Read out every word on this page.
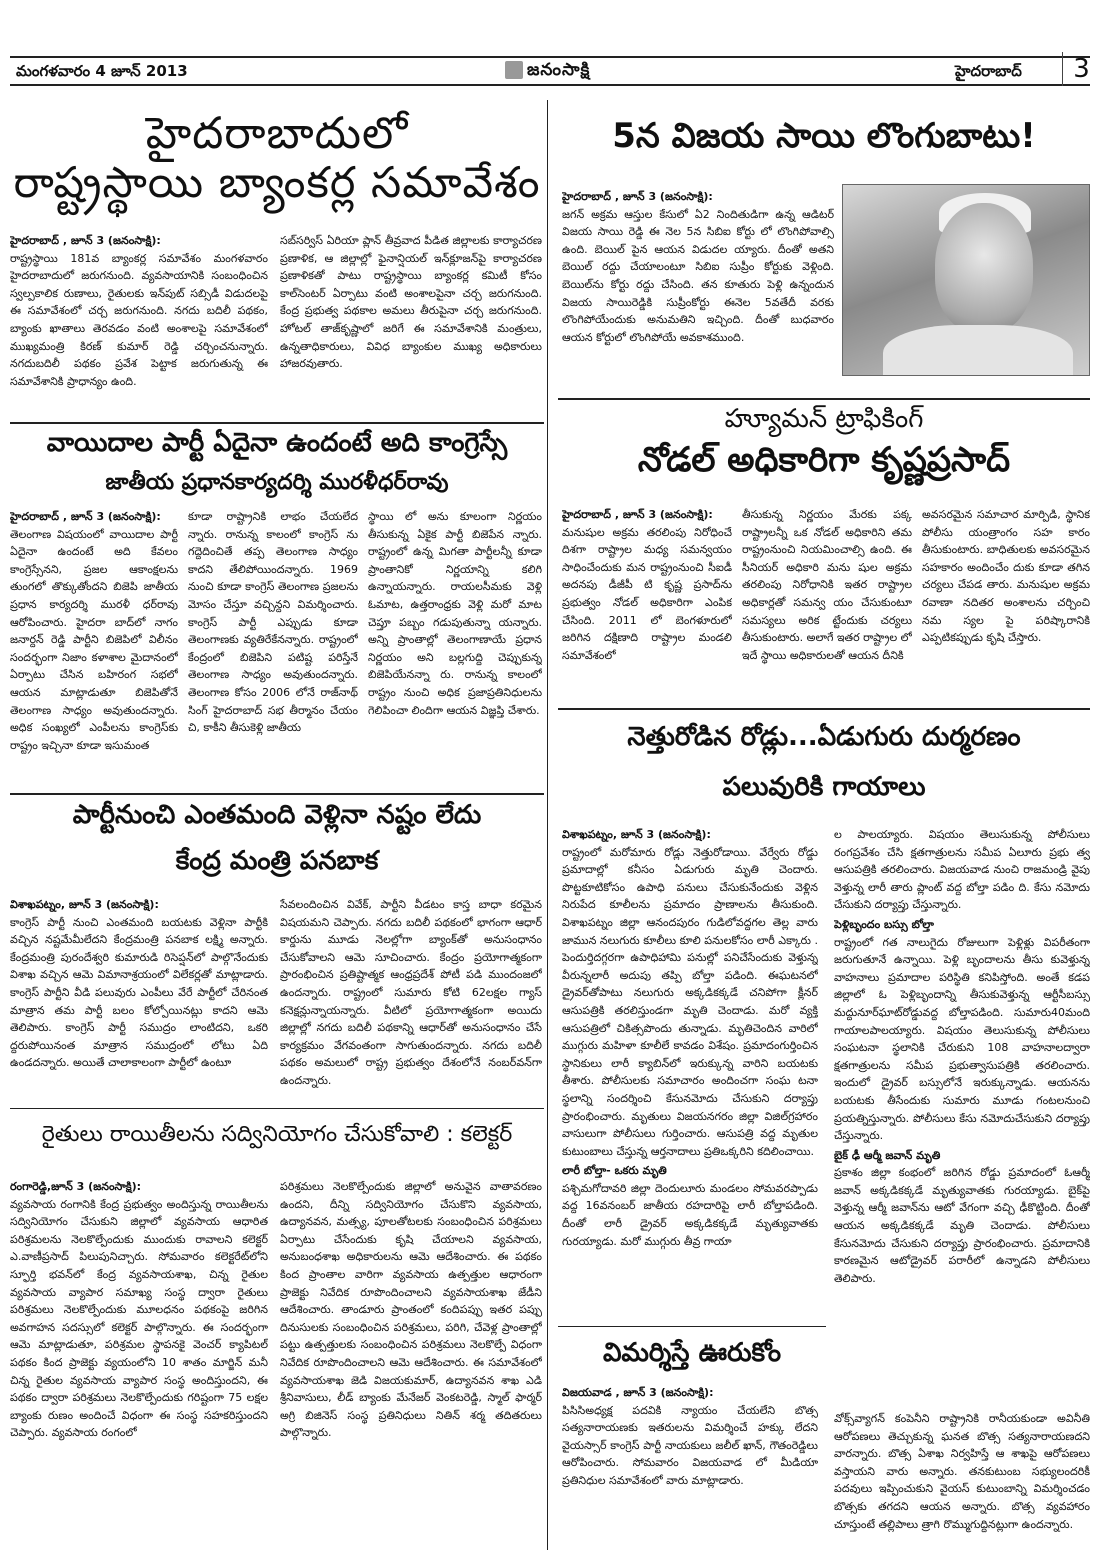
మంగళవారం 4 జూన్ 2013	జనంసాక్షి	హైదరాబాద్	3
హైదరాబాదులో
రాష్ట్రస్థాయి బ్యాంకర్ల సమావేశం
హైదరాబాద్ , జూన్ 3 (జనంసాక్షి):
రాష్ట్రస్థాయి 181వ బ్యాంకర్ల సమావేశం మంగళవారం హైదరాబాదులో జరుగనుంది. వ్యవసాయానికి సంబంధించిన స్వల్పకాలిక రుణాలు, రైతులకు ఇన్‌పుట్ సబ్సిడీ విడుదలపై ఈ సమావేశంలో చర్చ జరుగనుంది. నగదు బదిలీ పథకం, బ్యాంకు ఖాతాలు తెరవడం వంటి అంశాలపై సమావేశంలో ముఖ్యమంత్రి కిరణ్ కుమార్ రెడ్డి చర్చించనున్నారు. నగదుబదిలీ పథకం ప్రవేశ పెట్టాక జరుగుతున్న ఈ సమావేశానికి ప్రాధాన్యం ఉంది.
సబ్‌సర్విస్ ఏరియా ప్లాన్ తీవ్రవాద పీడిత జిల్లాలకు కార్యాచరణ ప్రణాళిక, ఆ జిల్లాల్లో ఫైనాన్షియల్ ఇన్‌క్లూజన్‌పై కార్యాచరణ ప్రణాళికతో పాటు రాష్ట్రస్థాయి బ్యాంకర్ల కమిటీ కోసం కాల్‌సెంటర్ ఏర్పాటు వంటి అంశాలపైనా చర్చ జరుగనుంది. కేంద్ర ప్రభుత్వ పథకాల అమలు తీరుపైనా చర్చ జరుగనుంది. హోటల్ తాజ్‌కృష్ణాలో జరిగే ఈ సమావేశానికి మంత్రులు, ఉన్నతాధికారులు, వివిధ బ్యాంకుల ముఖ్య అధికారులు హాజరవుతారు.
5న విజయ సాయి లొంగుబాటు!
హైదరాబాద్ , జూన్ 3 (జనంసాక్షి):
జగన్ అక్రమ ఆస్తుల కేసులో ఏ2 నిందితుడిగా ఉన్న ఆడిటర్ విజయ సాయి రెడ్డి ఈ నెల 5న సిబిఐ కోర్టు లో లొంగిపోవాల్సి ఉంది. బెయిల్ పైన ఆయన విడుదల య్యారు. దీంతో అతని బెయిల్ రద్దు చేయాలంటూ సిబిఐ సుప్రీం కోర్టుకు వెళ్లింది. బెయిల్‌ను కోర్టు రద్దు చేసింది. తన కూతురు పెళ్లి ఉన్నందున విజయ సాయిరెడ్డికి సుప్రీంకోర్టు ఈనెల 5వతేదీ వరకు లొంగిపోయేందుకు అనుమతిని ఇచ్చింది. దీంతో బుధవారం ఆయన కోర్టులో లొంగిపోయే అవకాశముంది.
వాయిదాల పార్టీ ఏదైనా ఉందంటే అది కాంగ్రెస్సే
జాతీయ ప్రధానకార్యదర్శి మురళీధర్‌రావు
హైదరాబాద్ , జూన్ 3 (జనంసాక్షి):
తెలంగాణ విషయంలో వాయిదాల పార్టీ ఏదైనా ఉందంటే అది కేవలం కాంగ్రెస్సేనని, ప్రజల ఆకాంక్షలను తుంగలో తొక్కుతోందని బిజెపి జాతీయ ప్రధాన కార్యదర్శి మురళీ ధర్‌రావు ఆరోపించారు. హైదరా బాద్‌లో నాగం జనార్దన్ రెడ్డి పార్టీని బిజెపిలో విలీనం సందర్భంగా నిజాం కళాశాల మైదానంలో ఏర్పాటు చేసిన బహిరంగ సభలో ఆయన మాట్లాడుతూ బిజెపితోనే తెలంగాణ సాధ్యం అవుతుందన్నారు. అధిక సంఖ్యలో ఎంపీలను కాంగ్రెస్‌కు రాష్ట్రం ఇచ్చినా కూడా ఇసుమంత
కూడా రాష్ట్రానికి లాభం చేయలేద న్నారు. రానున్న కాలంలో కాంగ్రెస్ ను గద్దెదించితే తప్ప తెలంగాణ సాధ్యం కాదని తేలిపోయిందన్నారు. 1969 నుంచి కూడా కాంగ్రెస్ తెలంగాణ ప్రజలను మోసం చేస్తూ వచ్చిన్దని విమర్శించారు. కాంగ్రెస్ పార్టీ ఎప్పుడు కూడా తెలంగాణకు వ్యతిరేకేనన్నారు. రాష్ట్రంలో కేంద్రంలో బిజెపిని పటిష్ట పరిస్తేనే తెలంగాణ సాధ్యం అవుతుందన్నారు. తెలంగాణ కోసం 2006 లోనే రాజ్‌నాథ్ సింగ్ హైదరాబాద్ సభ తీర్మానం చేయం చి, కాకీని తీసుకెళ్లి జాతీయ
స్థాయి లో అను కూలంగా నిర్ణయం తీసుకున్న ఏకైక పార్టీ బిజెపేన న్నారు. రాష్ట్రంలో ఉన్న మిగతా పార్టీలన్నీ కూడా ప్రాంతానికో నిర్ణయాన్ని కలిగి ఉన్నాయన్నారు. రాయలసీమకు వెళ్లి ఓమాట, ఉత్తరాంధ్రకు వెళ్లి మరో మాట చెప్తూ పబ్బం గడుపుతున్నా యన్నారు. అన్ని ప్రాంతాల్లో తెలంగాణాయే ప్రధాన నిర్ణయం అని బల్లగుద్ది చెప్పుకున్న బిజెపియేనన్నా రు. రానున్న కాలంలో రాష్ట్రం నుంచి అధిక ప్రజాప్రతినిధులను గెలిపించా లిందిగా ఆయన విజ్ఞప్తి చేశారు.
హ్యూమన్ ట్రాఫికింగ్
నోడల్ అధికారిగా కృష్ణప్రసాద్
హైదరాబాద్ , జూన్ 3 (జనంసాక్షి):
మనుషుల అక్రమ తరలింపు నిరోధించే దిశగా రాష్ట్రాల మధ్య సమన్వయం సాధించేందుకు మన రాష్ట్రంనుంచి సీఐడీ అదనపు డీజీపీ టి కృష్ణ ప్రసాద్‌ను ప్రభుత్వం నోడల్ అధికారిగా ఎంపిక చేసింది. 2011 లో బెంగళూరులో జరిగిన దక్షిణాది రాష్ట్రాల మండలి సమావేశంలో
తీసుకున్న నిర్ణయం మేరకు పక్క రాష్ట్రాలన్నీ ఒక నోడల్ అధికారిని తమ రాష్ట్రంనుంచి నియమించాల్సి ఉంది. ఈ సీనియర్ అధికారి మను షుల అక్రమ తరలింపు నిరోధానికి ఇతర రాష్ట్రాల అధికార్లతో సమన్వ యం చేసుకుంటూ సమస్యలు అరిక ట్టేందుకు చర్యలు తీసుకుంటారు. అలాగే ఇతర రాష్ట్రాల లో ఇదే స్థాయి అధికారులతో ఆయన దీనికి
అవసరమైన సమాచార మార్పిడి, స్థానిక పోలీసు యంత్రాంగం సహ కారం తీసుకుంటారు. బాధితులకు అవసరమైన సహకారం అందించేం దుకు కూడా తగిన చర్యలు చేపడ తారు. మనుషుల అక్రమ రవాణా నదితర అంశాలను చర్చించి నమ స్యల పై పరిష్కారానికి ఎప్పటికప్పుడు కృషి చేస్తారు.
పార్టీనుంచి ఎంతమంది వెళ్లినా నష్టం లేదు
కేంద్ర మంత్రి పనబాక
విశాఖపట్నం, జూన్ 3 (జనంసాక్షి):
కాంగ్రెస్ పార్టీ నుంచి ఎంతమంది బయటకు వెళ్లినా పార్టీకి వచ్చిన నష్టమేమీలేదని కేంద్రమంత్రి పనబాక లక్ష్మి అన్నారు. కేంద్రమంత్రి పురందేశ్వరి కుమారుడి రిసెప్షన్‌లో పాల్గొనేందుకు విశాఖ వచ్చిన ఆమె విమానాశ్రయంలో విలేకర్లతో మాట్లాడారు. కాంగ్రెస్ పార్టీని వీడి పలువురు ఎంపీలు వేరే పార్టీలో చేరినంత మాత్రాన తమ పార్టీ బలం కోల్పోయినట్లు కాదని ఆమె తెలిపారు. కాంగ్రెస్ పార్టీ సముద్రం లాంటిదని, ఒకరి ద్దరుపోయినంత మాత్రాన సముద్రంలో లోటు ఏది ఉండదన్నారు. అయితే చాలాకాలంగా పార్టీలో ఉంటూ
సేవలందించిన వివేక్, పార్టీని వీడటం కాస్త బాధా కరమైన విషయమని చెప్పారు. నగదు బదిలీ పథకంలో భాగంగా ఆధార్ కార్డును మూడు నెలల్లోగా బ్యాంక్‌తో అనుసంధానం చేసుకోవాలని ఆమె సూచించారు. కేంద్రం ప్రయోగాత్మకంగా ప్రారంభించిన ప్రతిష్టాత్మక ఆంధ్రప్రదేశ్ పోటీ పడి ముందంజలో ఉందన్నారు. రాష్ట్రంలో సుమారు కోటి 62లక్షల గ్యాస్ కనెక్షన్లున్నాయన్నారు. వీటిలో ప్రయోగాత్మకంగా అయిదు జిల్లాల్లో నగదు బదిలీ పథకాన్ని ఆధార్‌తో అనుసంధానం చేసే కార్యక్రమం వేగవంతంగా సాగుతుందన్నారు. నగదు బదిలీ పథకం అమలులో రాష్ట్ర ప్రభుత్వం దేశంలోనే నంబర్‌వన్‌గా ఉందన్నారు.
నెత్తురోడిన రోడ్లు...ఏడుగురు దుర్మరణం
పలువురికి గాయాలు
విశాఖపట్నం, జూన్ 3 (జనంసాక్షి):
రాష్ట్రంలో మరోమారు రోడ్లు నెత్తురోడాయి. వేర్వేరు రోడ్డు ప్రమాదాల్లో కనీసం ఏడుగురు మృతి చెందారు. పొట్టకూటికోసం ఉపాధి పనులు చేసుకునేందుకు వెళ్లిన నిరుపేద కూలీలను ప్రమాదం ప్రాణాలను తీసుకుంది. విశాఖపట్నం జిల్లా ఆనందపురం గుడిలోవద్దగల తెల్ల వారు జామున నలుగురు కూలీలు కూలి పనులకోసం లారీ ఎక్కారు . పెందుర్తిదగ్గరగా ఉపాధిహామి పనుల్లో పనిచేసేందుకు వెళ్తున్న వీరున్నలారీ అదుపు తప్పి బోల్తా పడింది. ఈఘటనలో డ్రైవర్‌తోపాటు నలుగురు అక్కడికక్కడే చనిపోగా క్లీనర్ ఆసుపత్రికి తరలిస్తుండగా మృతి చెందాడు. మరో వ్యక్తి ఆసుపత్రిలో చికిత్సపొందు తున్నాడు. మృతిచెందిన వారిలో ముగ్గురు మహిళా కూలీలే కావడం విశేషం. ప్రమాదంగుర్తించిన స్థానికులు లారీ క్యాబిన్‌లో ఇరుక్కున్న వారిని బయటకు తీశారు. పోలీసులకు సమాచారం అందించగా సంఘ టనా స్థలాన్ని సందర్శించి కేసునమోదు చేసుకుని దర్యాప్తు ప్రారంభించారు. మృతులు విజయనగరం జిల్లా విజిల్‌గ్రహారం వాసులుగా పోలీసులు గుర్తించారు. ఆసుపత్రి వద్ద మృతుల కుటుంబాలు చేస్తున్న ఆర్తనాదాలు ప్రతిఒక్కరిని కదిలించాయి.
లారీ బోల్తా- ఒకరు మృతి
పశ్చిమగోదావరి జిల్లా దెందులూరు మండలం సోమవరప్పాడు వద్ద 16వనంబర్ జాతీయ రహదారిపై లారీ బోల్తాపడింది. దీంతో లారీ డ్రైవర్ అక్కడికక్కడే మృత్యువాతకు గురయ్యాడు. మరో ముగ్గురు తీవ్ర గాయా
ల పాలయ్యారు. విషయం తెలుసుకున్న పోలీసులు రంగప్రవేశం చేసి క్షతగాత్రులను సమీప ఏలూరు ప్రభు త్వ ఆసుపత్రికి తరలించారు. విజయవాడ నుంచి రాజమండ్రి వైపు వెళ్తున్న లారీ తారు ప్లాంట్ వద్ద బోల్తా పడిం ది. కేసు నమోదు చేసుకుని దర్యాప్తు చేస్తున్నారు.
పెళ్లిబృందం బస్సు బోల్తా
రాష్ట్రంలో గత నాలుగైదు రోజులుగా పెళ్లిళ్లు విపరీతంగా జరుగుతూనే ఉన్నాయి. పెళ్లి బృందాలను తీసు కువెళ్తున్న వాహనాలు ప్రమాదాల పరిస్థితి కనిపిస్తోంది. అంతే కడప జిల్లాలో ఓ పెళ్లిబృందాన్ని తీసుకువెళ్తున్న ఆర్టీసీబస్సు మద్దునూర్‌ఘాట్‌రోడ్డువద్ద బోల్తాపడింది. సుమారు40మంది గాయాలపాలయ్యారు. విషయం తెలుసుకున్న పోలీసులు సంఘటనా స్థలానికి చేరుకుని 108 వాహనాలద్వారా క్షతగాత్రులను సమీప ప్రభుత్వాసుపత్రికి తరలించారు. ఇందులో డ్రైవర్ బస్సులోనే ఇరుక్కున్నాడు. ఆయనను బయటకు తీసేందుకు సుమారు మూడు గంటలనుంచి ప్రయత్నిస్తున్నారు. పోలీసులు కేసు నమోదుచేసుకుని దర్యాప్తు చేస్తున్నారు.
బైక్ ఢీ ఆర్మీ జవాన్ మృతి
ప్రకాశం జిల్లా కంభంలో జరిగిన రోడ్డు ప్రమాదంలో ఓఆర్మీ జవాన్ అక్కడికక్కడే మృత్యువాతకు గురయ్యాడు. బైక్‌పై వెళ్తున్న ఆర్మీ జవాన్‌ను ఆటో వేగంగా వచ్చి ఢీకొట్టింది. దీంతో ఆయన అక్కడికక్కడే మృతి చెందాడు. పోలీసులు కేసునమోదు చేసుకుని దర్యాప్తు ప్రారంభించారు. ప్రమాదానికి కారణమైన ఆటోడ్రైవర్ పరారీలో ఉన్నాడని పోలీసులు తెలిపారు.
రైతులు రాయితీలను సద్వినియోగం చేసుకోవాలి : కలెక్టర్
రంగారెడ్డి,జూన్ 3 (జనంసాక్షి):
వ్యవసాయ రంగానికి కేంద్ర ప్రభుత్వం అందిస్తున్న రాయితీలను సద్వినియోగం చేసుకుని జిల్లాలో వ్యవసాయ ఆధారిత పరిశ్రమలను నెలకొల్పేందుకు ముందుకు రావాలని కలెక్టర్ ఎ.వాణీప్రసాద్ పిలుపునిచ్చారు. సోమవారం కలెక్టరేట్‌లోని స్ఫూర్తి భవన్‌లో కేంద్ర వ్యవసాయశాఖ, చిన్న రైతుల వ్యవసాయ వ్యాపార సమాఖ్య సంస్థ ద్వారా రైతులు పరిశ్రమలు నెలకొల్పేందుకు మూలధనం పథకంపై జరిగిన అవగాహన సదస్సులో కలెక్టర్ పాల్గొన్నారు. ఈ సందర్భంగా ఆమె మాట్లాడుతూ, పరిశ్రమల స్థాపనకై వెంచర్ క్యాపిటల్ పథకం కింద ప్రాజెక్టు వ్యయంలోని 10 శాతం మార్జిన్ మనీ చిన్న రైతుల వ్యవసాయ వ్యాపార సంస్థ అందిస్తుందని, ఈ పథకం ద్వారా పరిశ్రమలు నెలకొల్పేందుకు గరిష్టంగా 75 లక్షల బ్యాంకు రుణం అందించే విధంగా ఈ సంస్థ సహకరిస్తుందని చెప్పారు. వ్యవసాయ రంగంలో
పరిశ్రమలు నెలకొల్పేందుకు జిల్లాలో అనువైన వాతావరణం ఉందని, దీన్ని సద్వినియోగం చేసుకొని వ్యవసాయ, ఉద్యానవన, మత్స్య, పూలతోటలకు సంబంధించిన పరిశ్రమలు ఏర్పాటు చేసేందుకు కృషి చేయాలని వ్యవసాయ, అనుబంధశాఖ అధికారులను ఆమె ఆదేశించారు. ఈ పథకం కింద ప్రాంతాల వారిగా వ్యవసాయ ఉత్పత్తుల ఆధారంగా ప్రాజెక్టు నివేదిక రూపొందించాలని వ్యవసాయశాఖ జేడీని ఆదేశించారు. తాండూరు ప్రాంతంలో కందిపప్పు ఇతర పప్పు దినుసులకు సంబంధించిన పరిశ్రమలు, పరిగి, చేవెళ్ల ప్రాంతాల్లో పట్టు ఉత్పత్తులకు సంబంధించిన పరిశ్రమలు నెలకొల్పే విధంగా నివేదిక రూపొందించాలని ఆమె ఆదేశించారు. ఈ సమావేశంలో వ్యవసాయశాఖ జెడి విజయకుమార్, ఉద్యానవన శాఖ ఎడి శ్రీనివాసులు, లీడ్ బ్యాంకు మేనేజర్ వెంకటరెడ్డి, స్మాల్ ఫార్మర్ అగ్రి బిజినెస్ సంస్థ ప్రతినిధులు నితిన్ శర్మ తదితరులు పాల్గొన్నారు.
విమర్శిస్తే ఊరుకోం
విజయవాడ , జూన్ 3 (జనంసాక్షి):
పిసిసిఅధ్యక్ష పదవికి న్యాయం చేయలేని బొత్స సత్యనారాయణకు ఇతరులను విమర్శించే హక్కు లేదని వైయస్సార్ కాంగ్రెస్ పార్టీ నాయకులు జలీల్ ఖాన్, గౌతంరెడ్డిలు ఆరోపించారు. సోమవారం విజయవాడ లో మీడియా ప్రతినిధుల సమావేశంలో వారు మాట్లాడారు.
వోక్స్‌వ్యాగన్ కంపెనీని రాష్ట్రానికి రానీయకుండా అవినీతి ఆరోపణలు తెచ్చుకున్న ఘనత బొత్స సత్యనారాయణదని వారన్నారు. బొత్స ఏశాఖ నిర్వహిస్తే ఆ శాఖపై ఆరోపణలు వస్తాయని వారు అన్నారు. తనకుటుంబ సభ్యులందరికీ పదవులు ఇప్పించుకుని వైయస్ కుటుంబాన్ని విమర్శించడం బొత్సకు తగదని ఆయన అన్నారు. బొత్స వ్యవహారం చూస్తుంటే తల్లిపాలు త్రాగి రొమ్ముగుద్దినట్లుగా ఉందన్నారు.
